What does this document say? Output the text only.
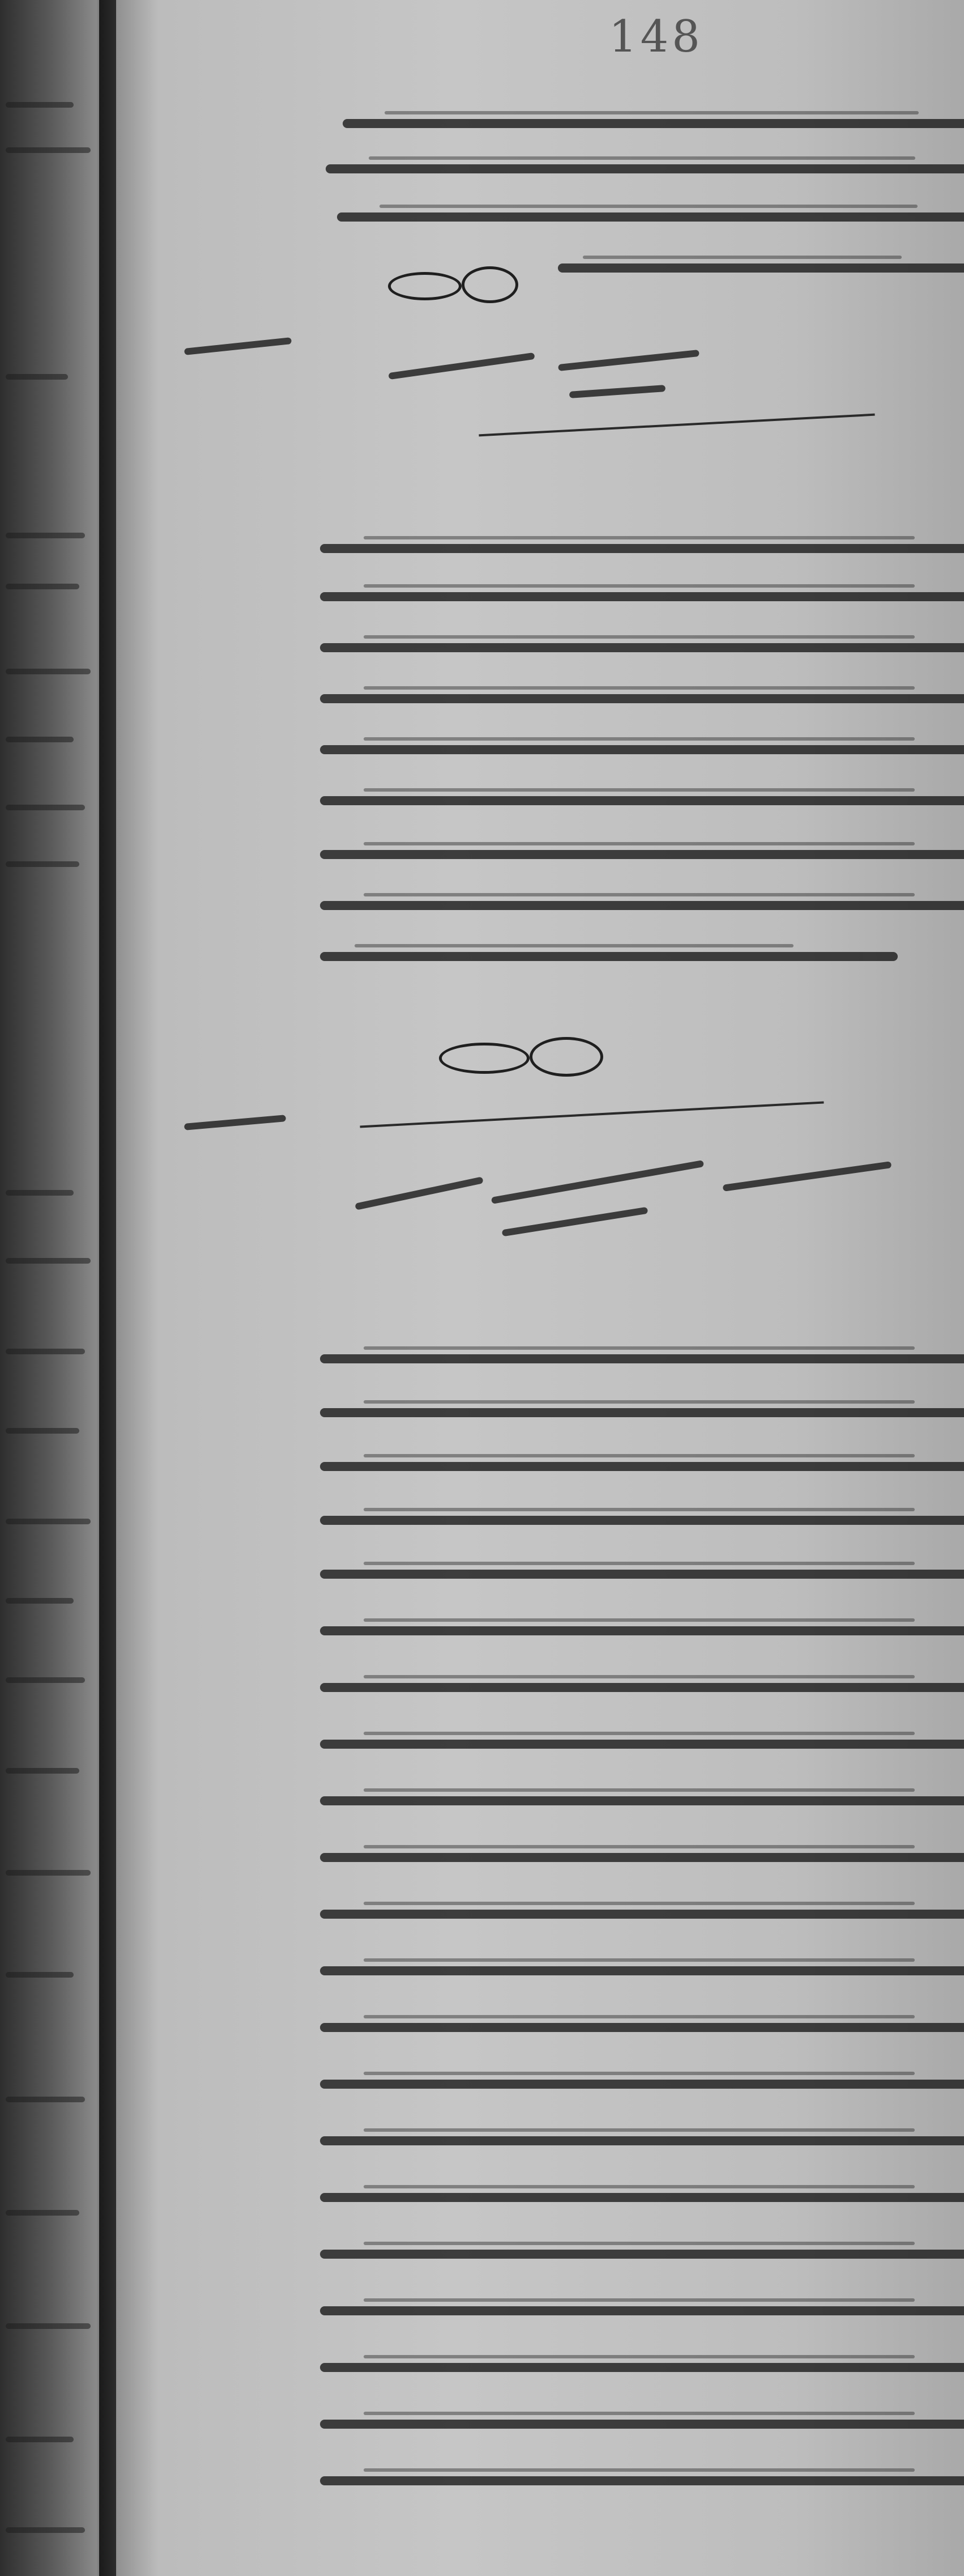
148
